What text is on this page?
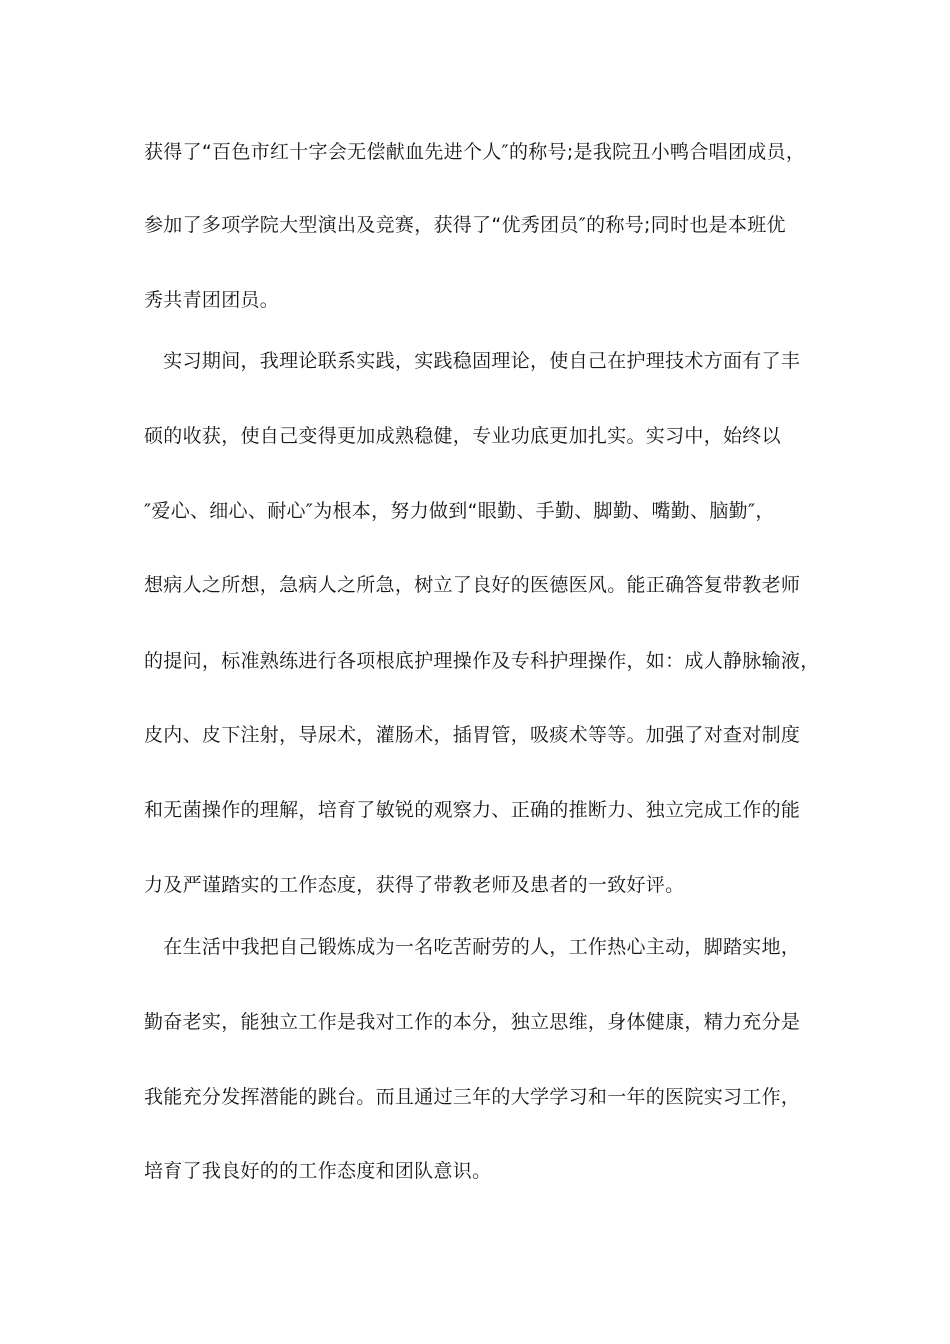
获得了“百色市红十字会无偿献血先进个人″的称号;是我院丑小鸭合唱团成员，
参加了多项学院大型演出及竞赛，获得了“优秀团员″的称号;同时也是本班优
秀共青团团员。
　实习期间，我理论联系实践，实践稳固理论，使自己在护理技术方面有了丰
硕的收获，使自己变得更加成熟稳健，专业功底更加扎实。实习中，始终以
″爱心、细心、耐心″为根本，努力做到“眼勤、手勤、脚勤、嘴勤、脑勤″，
想病人之所想，急病人之所急，树立了良好的医德医风。能正确答复带教老师
的提问，标准熟练进行各项根底护理操作及专科护理操作，如：成人静脉输液，
皮内、皮下注射，导尿术，灌肠术，插胃管，吸痰术等等。加强了对查对制度
和无菌操作的理解，培育了敏锐的观察力、正确的推断力、独立完成工作的能
力及严谨踏实的工作态度，获得了带教老师及患者的一致好评。
　在生活中我把自己锻炼成为一名吃苦耐劳的人，工作热心主动，脚踏实地，
勤奋老实，能独立工作是我对工作的本分，独立思维，身体健康，精力充分是
我能充分发挥潜能的跳台。而且通过三年的大学学习和一年的医院实习工作，
培育了我良好的的工作态度和团队意识。
